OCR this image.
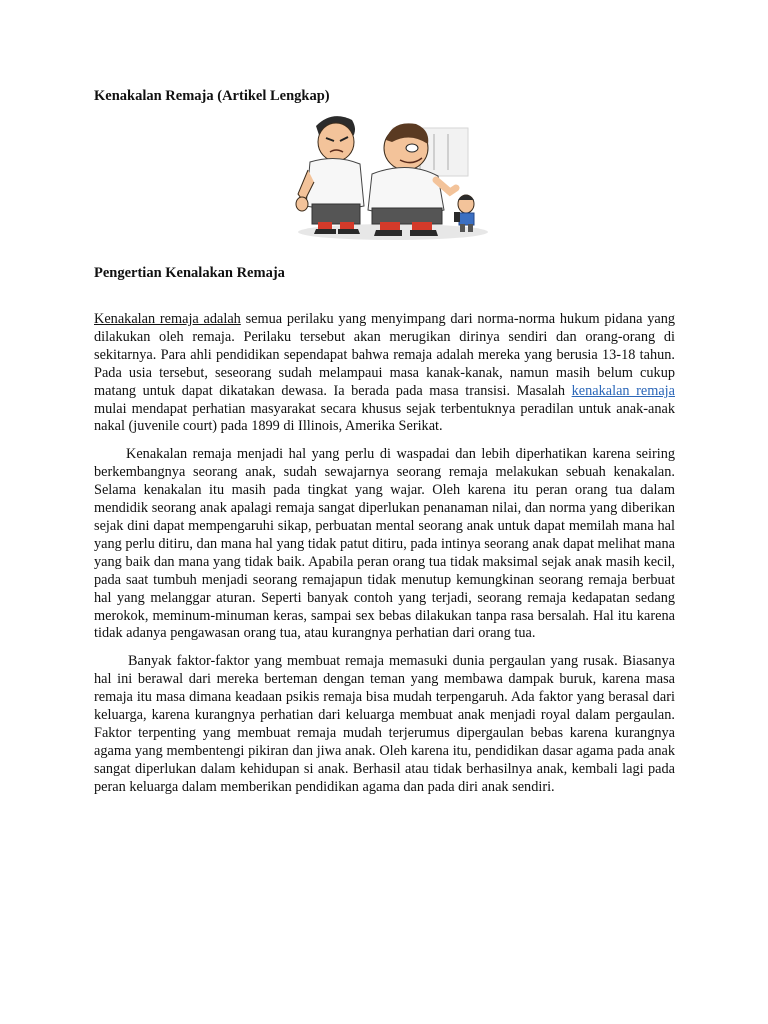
Kenakalan Remaja (Artikel Lengkap)
Pengertian Kenalakan Remaja

Kenakalan remaja adalah semua perilaku yang menyimpang dari norma-norma hukum pidana yang dilakukan oleh remaja. Perilaku tersebut akan merugikan dirinya sendiri dan orang-orang di sekitarnya. Para ahli pendidikan sependapat bahwa remaja adalah mereka yang berusia 13-18 tahun. Pada usia tersebut, seseorang sudah melampaui masa kanak-kanak, namun masih belum cukup matang untuk dapat dikatakan dewasa. Ia berada pada masa transisi. Masalah kenakalan remaja mulai mendapat perhatian masyarakat secara khusus sejak terbentuknya peradilan untuk anak-anak nakal (juvenile court) pada 1899 di Illinois, Amerika Serikat.

Kenakalan remaja menjadi hal yang perlu di waspadai dan lebih diperhatikan karena seiring berkembangnya seorang anak, sudah sewajarnya seorang remaja melakukan sebuah kenakalan. Selama kenakalan itu masih pada tingkat yang wajar. Oleh karena itu peran orang tua dalam mendidik seorang anak apalagi remaja sangat diperlukan penanaman nilai, dan norma yang diberikan sejak dini dapat mempengaruhi sikap, perbuatan mental seorang anak untuk dapat memilah mana hal yang perlu ditiru, dan mana hal yang tidak patut ditiru, pada intinya seorang anak dapat melihat mana yang baik dan mana yang tidak baik. Apabila peran orang tua tidak maksimal sejak anak masih kecil, pada saat tumbuh menjadi seorang remajapun tidak menutup kemungkinan seorang remaja berbuat hal yang melanggar aturan. Seperti banyak contoh yang terjadi, seorang remaja kedapatan sedang merokok, meminum-minuman keras, sampai sex bebas dilakukan tanpa rasa bersalah. Hal itu karena tidak adanya pengawasan orang tua, atau kurangnya perhatian dari orang tua.

Banyak faktor-faktor yang membuat remaja memasuki dunia pergaulan yang rusak. Biasanya hal ini berawal dari mereka berteman dengan teman yang membawa dampak buruk, karena masa remaja itu masa dimana keadaan psikis remaja bisa mudah terpengaruh. Ada faktor yang berasal dari keluarga, karena kurangnya perhatian dari keluarga membuat anak menjadi royal dalam pergaulan. Faktor terpenting yang membuat remaja mudah terjerumus dipergaulan bebas karena kurangnya agama yang membentengi pikiran dan jiwa anak. Oleh karena itu, pendidikan dasar agama pada anak sangat diperlukan dalam kehidupan si anak. Berhasil atau tidak berhasilnya anak, kembali lagi pada peran keluarga dalam memberikan pendidikan agama dan pada diri anak sendiri.
